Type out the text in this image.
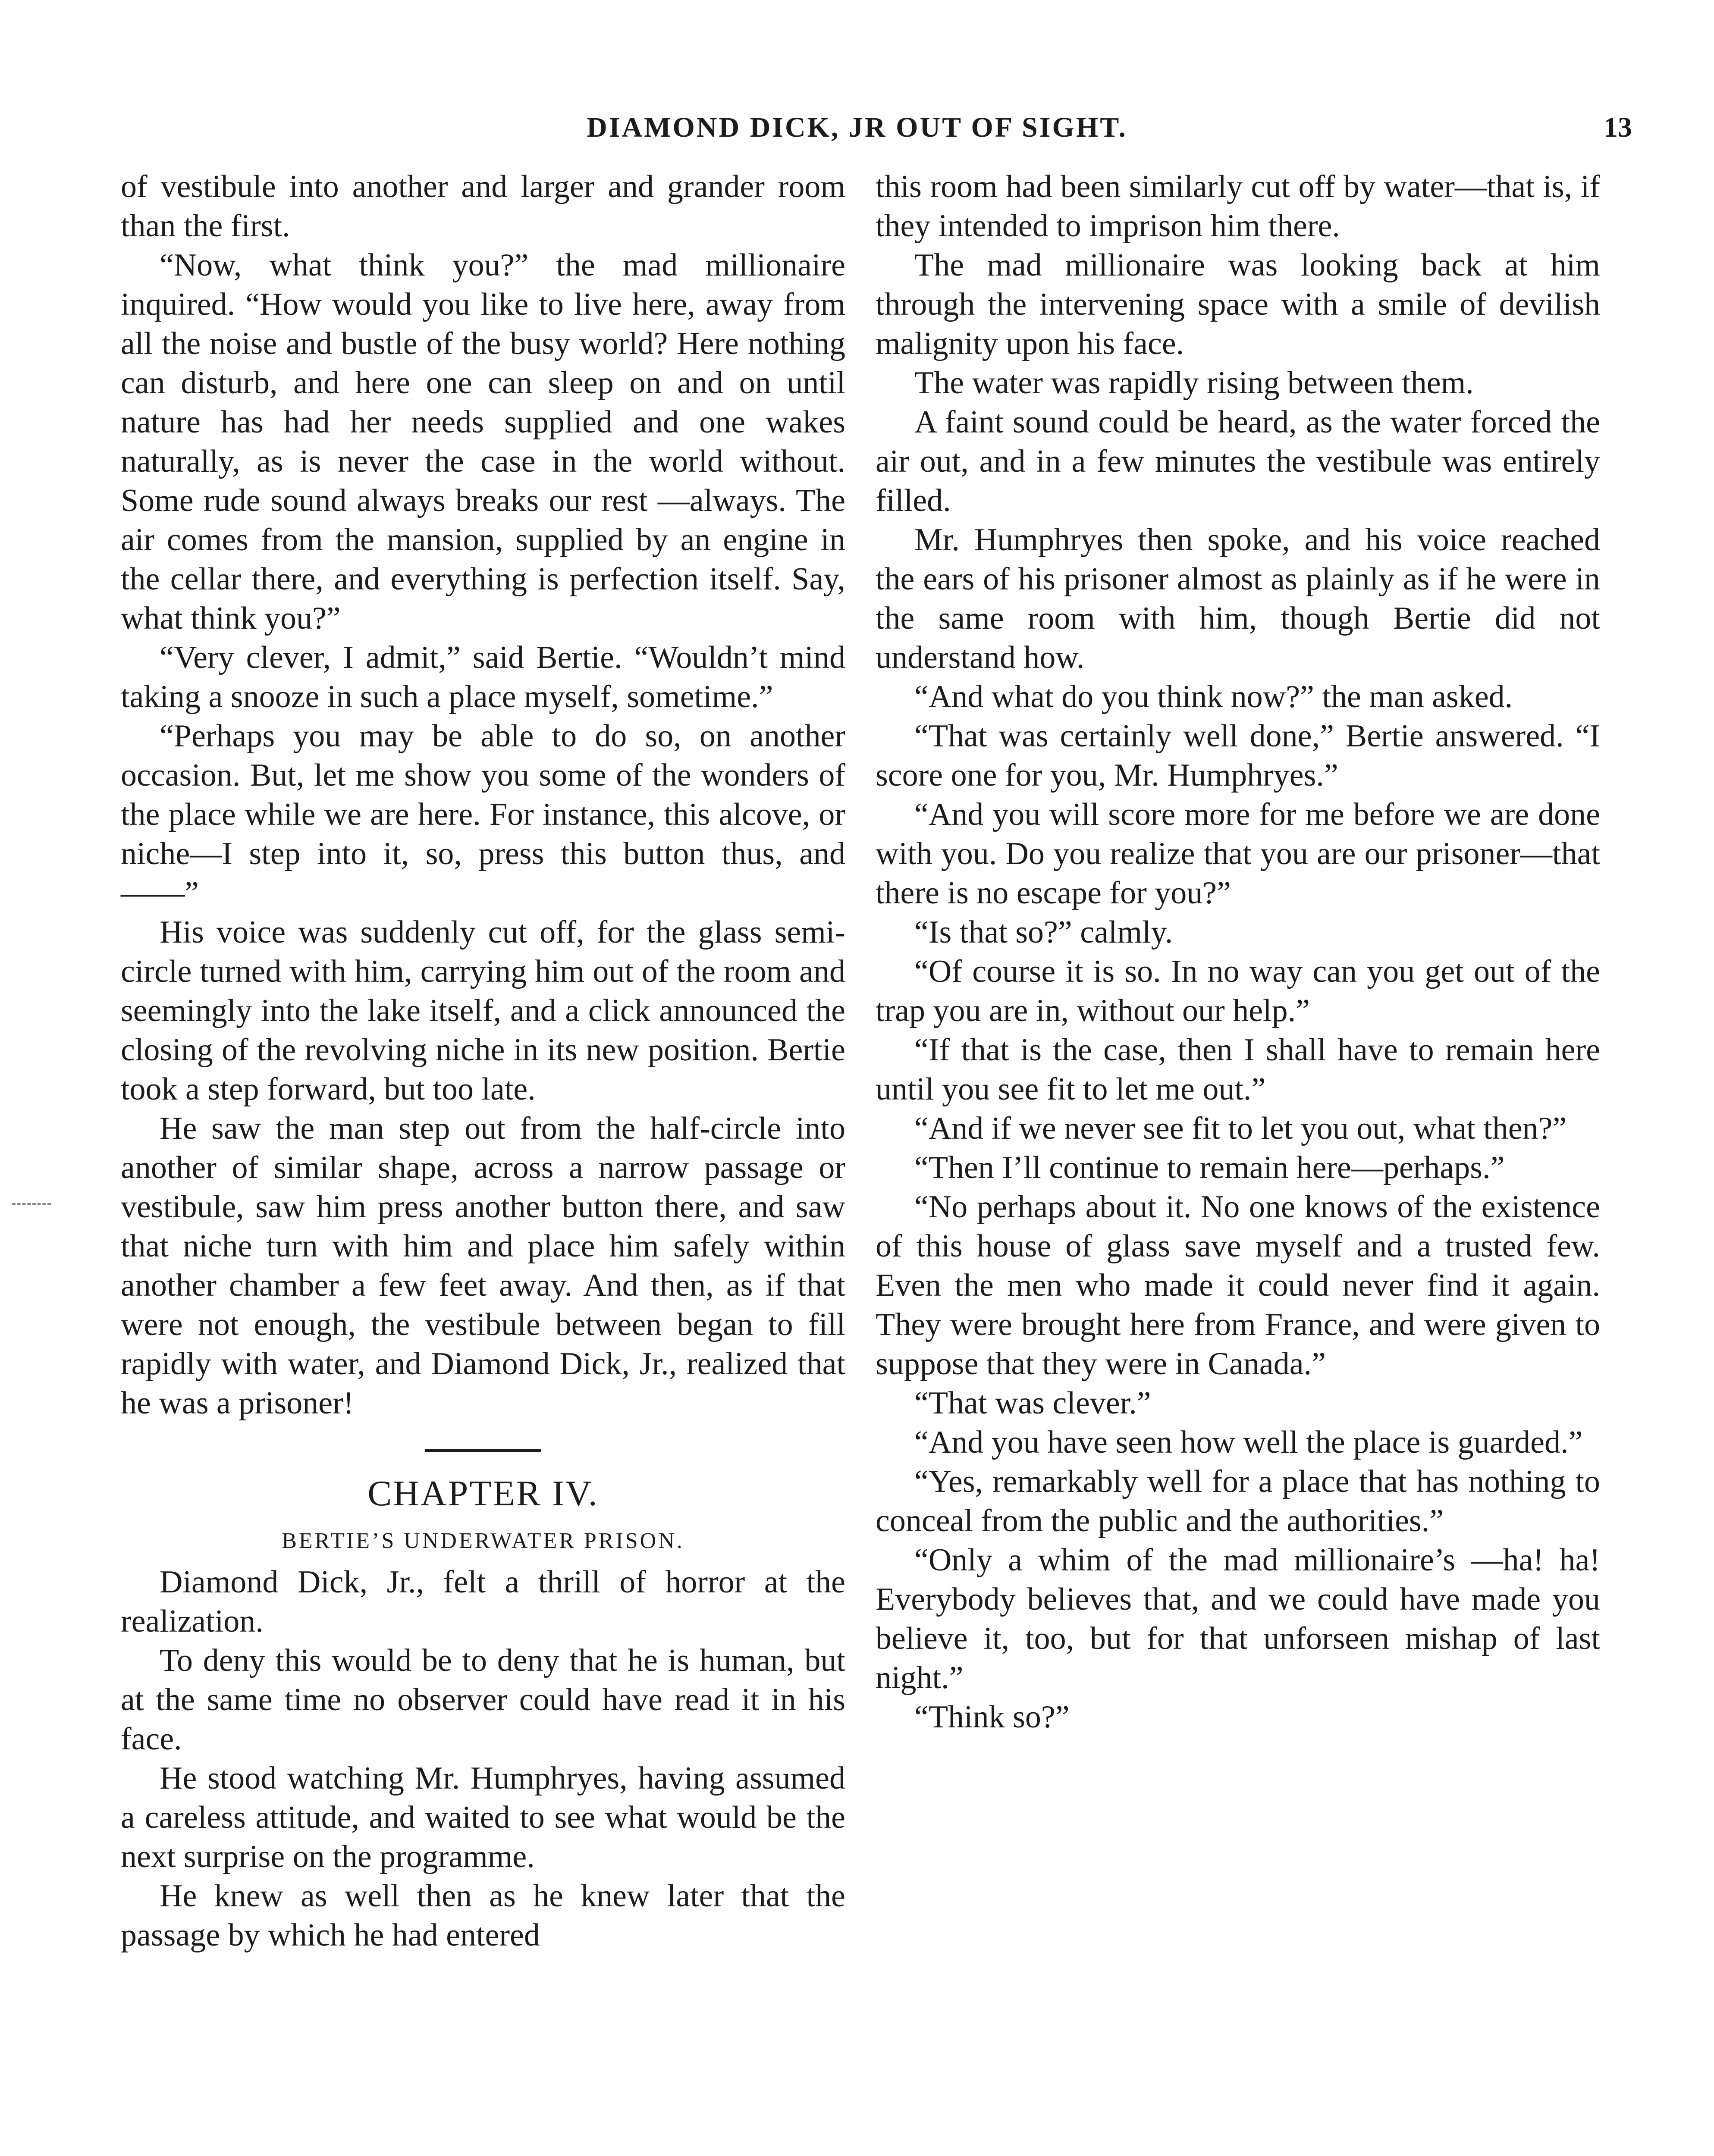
DIAMOND DICK, JR OUT OF SIGHT.	13

of vestibule into another and larger and grander room than the first.

“Now, what think you?” the mad millionaire inquired. “How would you like to live here, away from all the noise and bustle of the busy world? Here nothing can disturb, and here one can sleep on and on until nature has had her needs supplied and one wakes naturally, as is never the case in the world without. Some rude sound always breaks our rest —always. The air comes from the mansion, supplied by an engine in the cellar there, and everything is perfection itself. Say, what think you?”

“Very clever, I admit,” said Bertie. “Wouldn’t mind taking a snooze in such a place myself, sometime.”

“Perhaps you may be able to do so, on another occasion. But, let me show you some of the wonders of the place while we are here. For instance, this alcove, or niche—I step into it, so, press this button thus, and——”

His voice was suddenly cut off, for the glass semi-circle turned with him, carrying him out of the room and seemingly into the lake itself, and a click announced the closing of the revolving niche in its new position. Bertie took a step forward, but too late.

He saw the man step out from the half-circle into another of similar shape, across a narrow passage or vestibule, saw him press another button there, and saw that niche turn with him and place him safely within another chamber a few feet away. And then, as if that were not enough, the vestibule between began to fill rapidly with water, and Diamond Dick, Jr., realized that he was a prisoner!

CHAPTER IV.
BERTIE’S UNDERWATER PRISON.

Diamond Dick, Jr., felt a thrill of horror at the realization.

To deny this would be to deny that he is human, but at the same time no observer could have read it in his face.

He stood watching Mr. Humphryes, having assumed a careless attitude, and waited to see what would be the next surprise on the programme.

He knew as well then as he knew later that the passage by which he had entered

this room had been similarly cut off by water—that is, if they intended to imprison him there.

The mad millionaire was looking back at him through the intervening space with a smile of devilish malignity upon his face.

The water was rapidly rising between them.

A faint sound could be heard, as the water forced the air out, and in a few minutes the vestibule was entirely filled.

Mr. Humphryes then spoke, and his voice reached the ears of his prisoner almost as plainly as if he were in the same room with him, though Bertie did not understand how.

“And what do you think now?” the man asked.

“That was certainly well done,” Bertie answered. “I score one for you, Mr. Humphryes.”

“And you will score more for me before we are done with you. Do you realize that you are our prisoner—that there is no escape for you?”

“Is that so?” calmly.

“Of course it is so. In no way can you get out of the trap you are in, without our help.”

“If that is the case, then I shall have to remain here until you see fit to let me out.”

“And if we never see fit to let you out, what then?”

“Then I’ll continue to remain here—perhaps.”

“No perhaps about it. No one knows of the existence of this house of glass save myself and a trusted few. Even the men who made it could never find it again. They were brought here from France, and were given to suppose that they were in Canada.”

“That was clever.”

“And you have seen how well the place is guarded.”

“Yes, remarkably well for a place that has nothing to conceal from the public and the authorities.”

“Only a whim of the mad millionaire’s —ha! ha! Everybody believes that, and we could have made you believe it, too, but for that unforseen mishap of last night.”

“Think so?”
